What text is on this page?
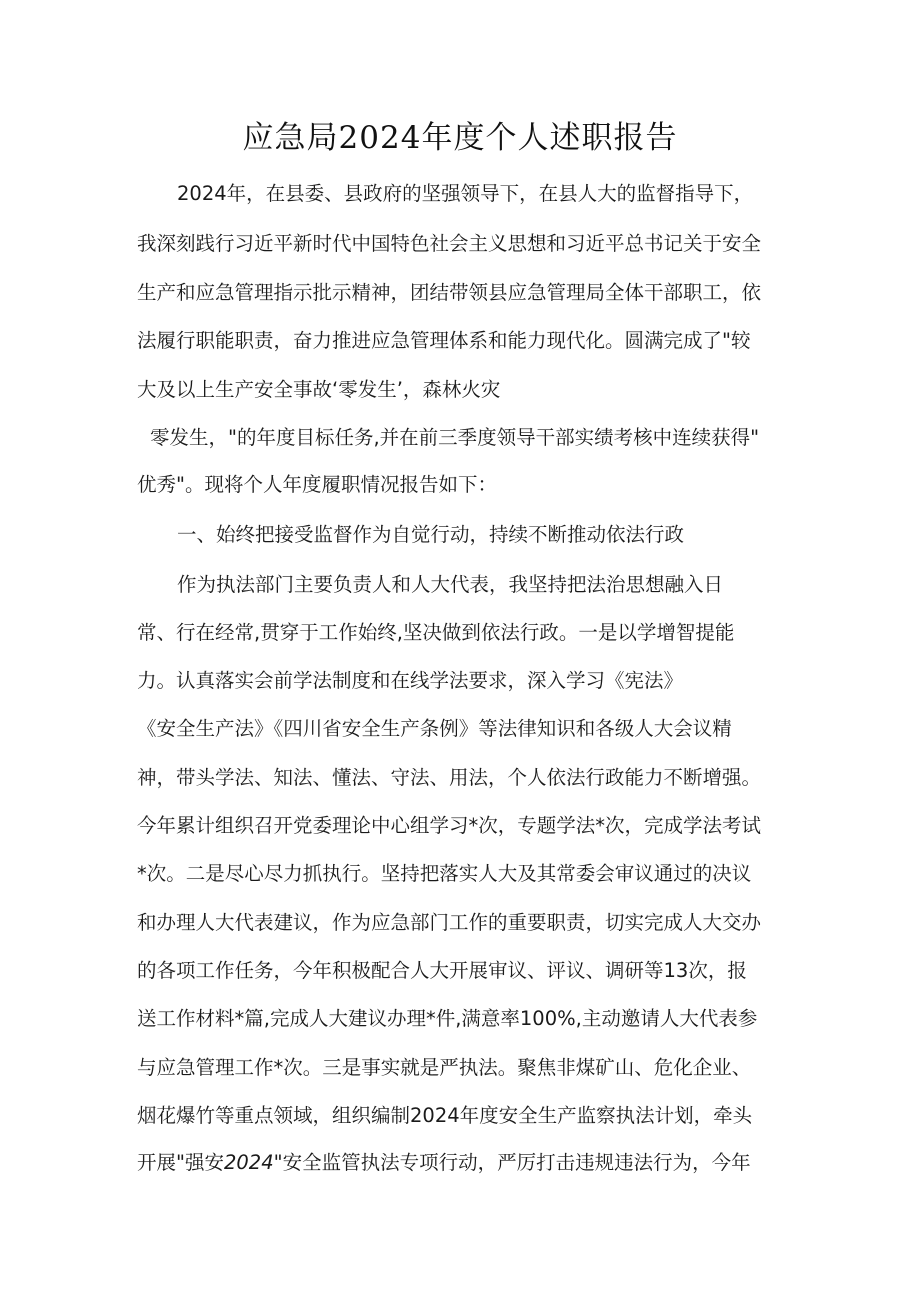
应急局2024年度个人述职报告
2024年，在县委、县政府的坚强领导下，在县人大的监督指导下，
我深刻践行习近平新时代中国特色社会主义思想和习近平总书记关于安全
生产和应急管理指示批示精神，团结带领县应急管理局全体干部职工，依
法履行职能职责，奋力推进应急管理体系和能力现代化。圆满完成了"较
大及以上生产安全事故‘零发生’，森林火灾
零发生，"的年度目标任务,并在前三季度领导干部实绩考核中连续获得"
优秀"。现将个人年度履职情况报告如下：
一、始终把接受监督作为自觉行动，持续不断推动依法行政
作为执法部门主要负责人和人大代表，我坚持把法治思想融入日
常、行在经常,贯穿于工作始终,坚决做到依法行政。一是以学增智提能
力。认真落实会前学法制度和在线学法要求，深入学习《宪法》
《安全生产法》《四川省安全生产条例》等法律知识和各级人大会议精
神，带头学法、知法、懂法、守法、用法，个人依法行政能力不断增强。
今年累计组织召开党委理论中心组学习*次，专题学法*次，完成学法考试
*次。二是尽心尽力抓执行。坚持把落实人大及其常委会审议通过的决议
和办理人大代表建议，作为应急部门工作的重要职责，切实完成人大交办
的各项工作任务，今年积极配合人大开展审议、评议、调研等13次，报
送工作材料*篇,完成人大建议办理*件,满意率100%,主动邀请人大代表参
与应急管理工作*次。三是事实就是严执法。聚焦非煤矿山、危化企业、
烟花爆竹等重点领域，组织编制2024年度安全生产监察执法计划，牵头
开展"强安2024"安全监管执法专项行动，严厉打击违规违法行为，今年
